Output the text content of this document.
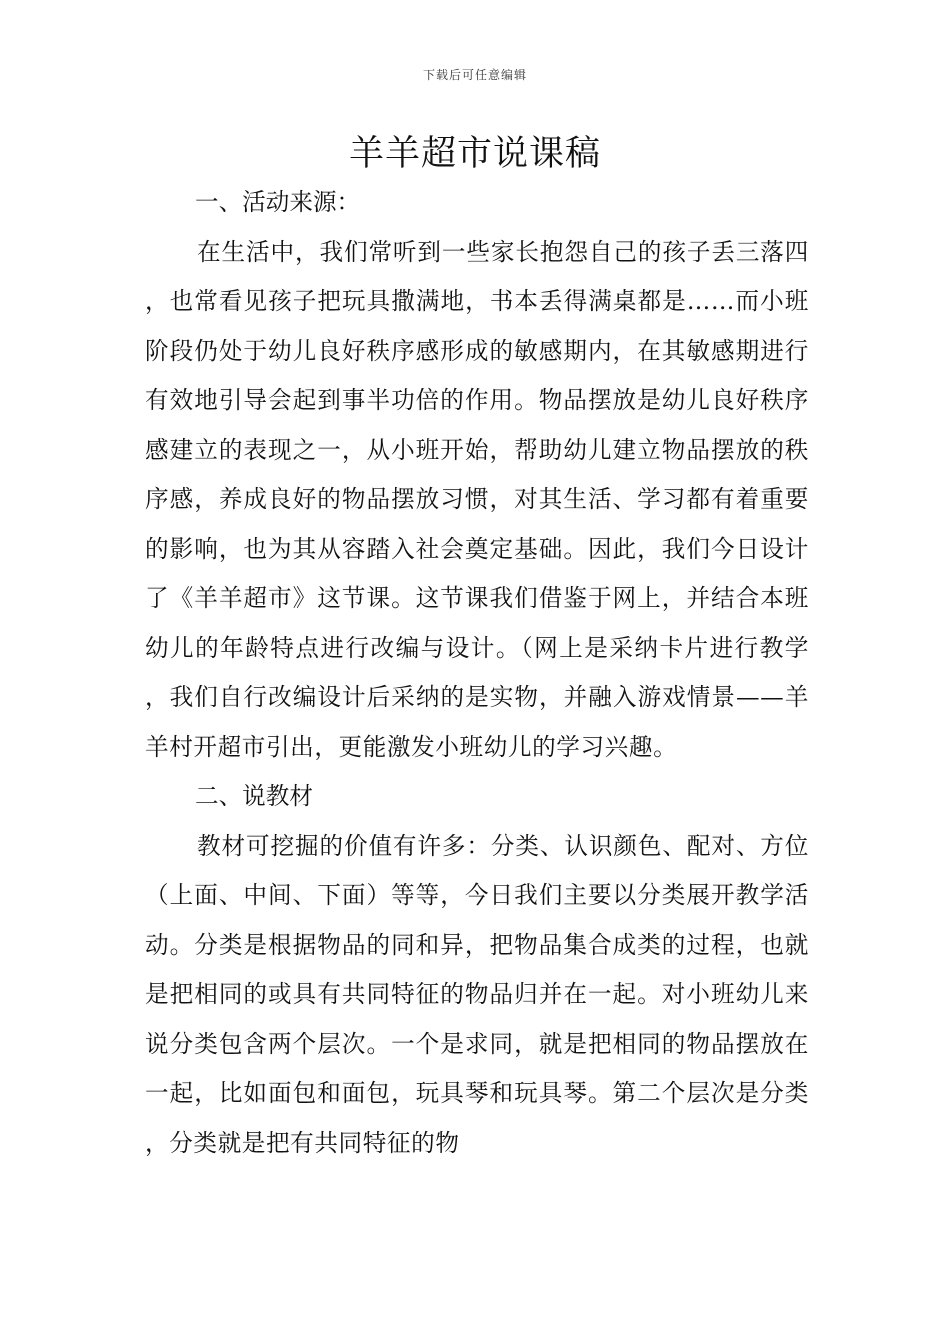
下载后可任意编辑
羊羊超市说课稿
一、活动来源：

在生活中，我们常听到一些家长抱怨自己的孩子丢三落四，也常看见孩子把玩具撒满地，书本丢得满桌都是……而小班阶段仍处于幼儿良好秩序感形成的敏感期内，在其敏感期进行有效地引导会起到事半功倍的作用。物品摆放是幼儿良好秩序感建立的表现之一，从小班开始，帮助幼儿建立物品摆放的秩序感，养成良好的物品摆放习惯，对其生活、学习都有着重要的影响，也为其从容踏入社会奠定基础。因此，我们今日设计了《羊羊超市》这节课。这节课我们借鉴于网上，并结合本班幼儿的年龄特点进行改编与设计。（网上是采纳卡片进行教学，我们自行改编设计后采纳的是实物，并融入游戏情景——羊羊村开超市引出，更能激发小班幼儿的学习兴趣。

二、说教材

教材可挖掘的价值有许多：分类、认识颜色、配对、方位（上面、中间、下面）等等，今日我们主要以分类展开教学活动。分类是根据物品的同和异，把物品集合成类的过程，也就是把相同的或具有共同特征的物品归并在一起。对小班幼儿来说分类包含两个层次。一个是求同，就是把相同的物品摆放在一起，比如面包和面包，玩具琴和玩具琴。第二个层次是分类，分类就是把有共同特征的物
